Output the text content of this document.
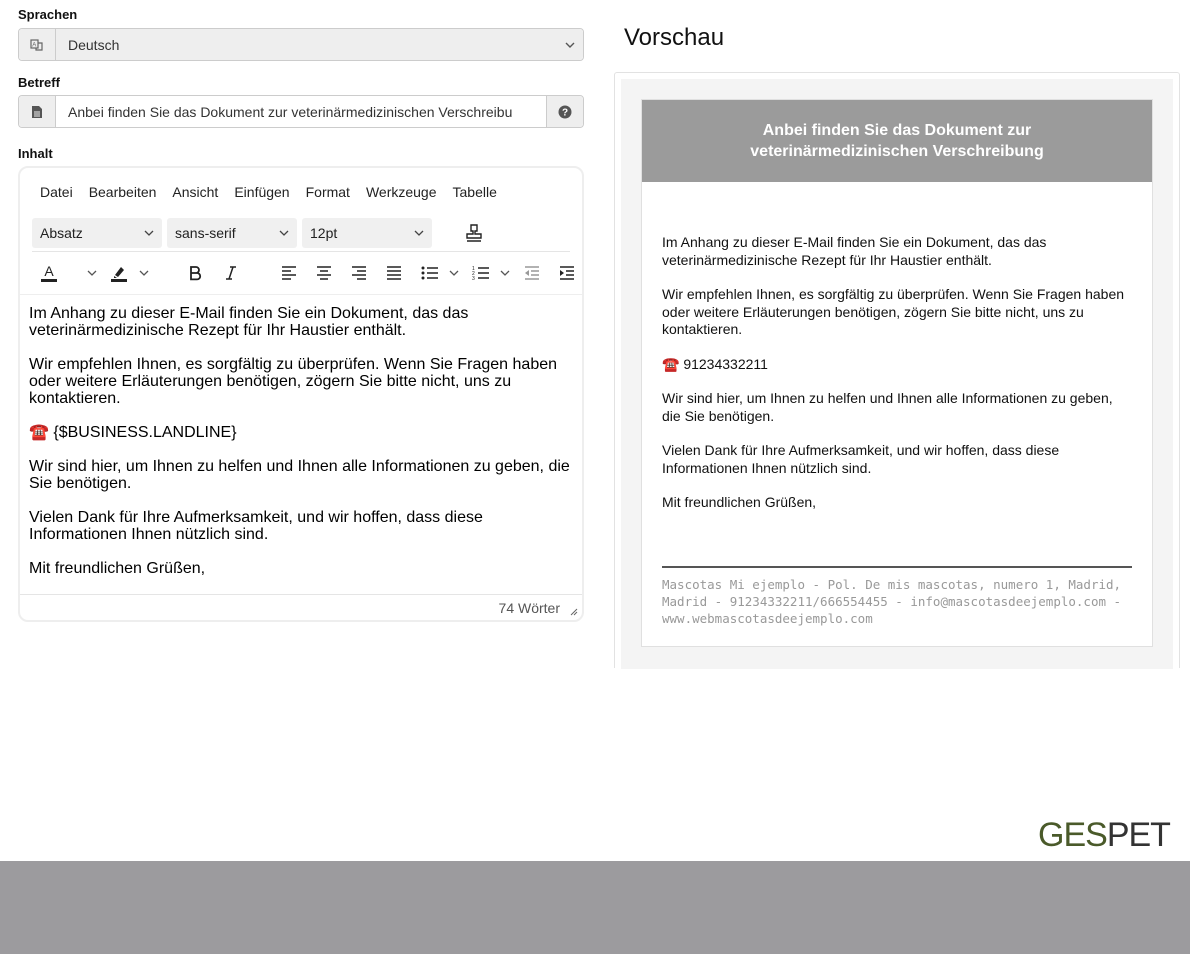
Sprachen
A Deutsch
Betreff
Anbei finden Sie das Dokument zur veterinärmedizinischen Verschreibu	?
Inhalt
Datei Bearbeiten Ansicht Einfügen Format Werkzeuge Tabelle
Absatz	sans-serif	12pt
A	1
2
3

Im Anhang zu dieser E-Mail finden Sie ein Dokument, das das veterinärmedizinische Rezept für Ihr Haustier enthält.

Wir empfehlen Ihnen, es sorgfältig zu überprüfen. Wenn Sie Fragen haben oder weitere Erläuterungen benötigen, zögern Sie bitte nicht, uns zu kontaktieren.

☎️ {$BUSINESS.LANDLINE}

Wir sind hier, um Ihnen zu helfen und Ihnen alle Informationen zu geben, die Sie benötigen.

Vielen Dank für Ihre Aufmerksamkeit, und wir hoffen, dass diese Informationen Ihnen nützlich sind.

Mit freundlichen Grüßen,

74 Wörter
Vorschau
Anbei finden Sie das Dokument zur veterinärmedizinischen Verschreibung

Im Anhang zu dieser E-Mail finden Sie ein Dokument, das das veterinärmedizinische Rezept für Ihr Haustier enthält.

Wir empfehlen Ihnen, es sorgfältig zu überprüfen. Wenn Sie Fragen haben oder weitere Erläuterungen benötigen, zögern Sie bitte nicht, uns zu kontaktieren.

☎️ 91234332211

Wir sind hier, um Ihnen zu helfen und Ihnen alle Informationen zu geben, die Sie benötigen.

Vielen Dank für Ihre Aufmerksamkeit, und wir hoffen, dass diese Informationen Ihnen nützlich sind.

Mit freundlichen Grüßen,

Mascotas Mi ejemplo - Pol. De mis mascotas, numero 1, Madrid, Madrid - 91234332211/666554455 - info@mascotasdeejemplo.com - www.webmascotasdeejemplo.com
GESPET
